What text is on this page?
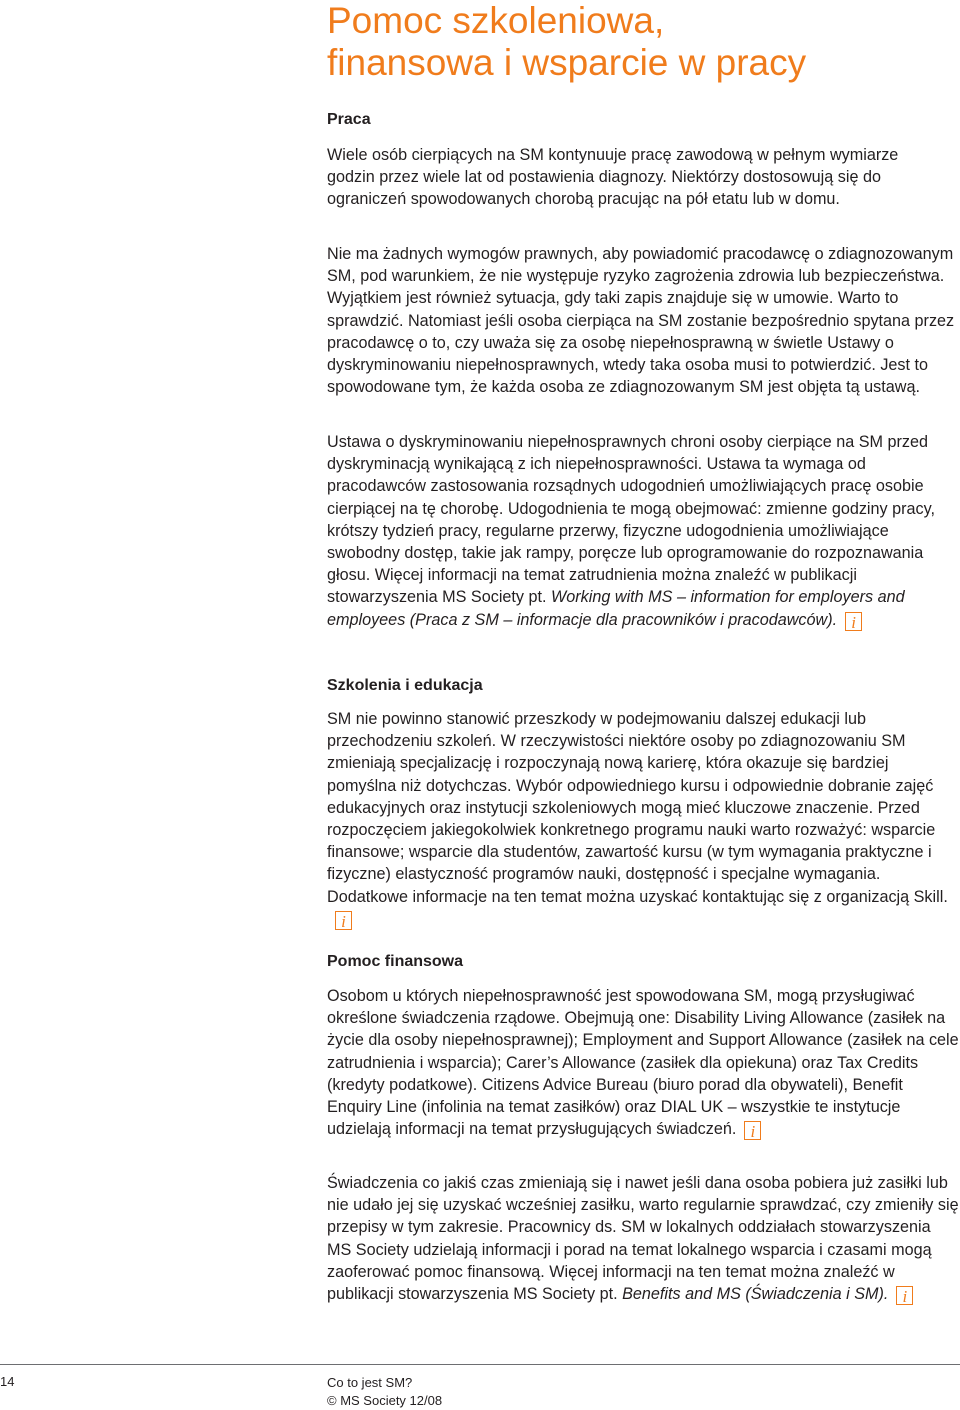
Pomoc szkoleniowa,
finansowa i wsparcie w pracy
Praca

Wiele osób cierpiących na SM kontynuuje pracę zawodową w pełnym wymiarze godzin przez wiele lat od postawienia diagnozy. Niektórzy dostosowują się do ograniczeń spowodowanych chorobą pracując na pół etatu lub w domu.

Nie ma żadnych wymogów prawnych, aby powiadomić pracodawcę o zdiagnozowanym SM, pod warunkiem, że nie występuje ryzyko zagrożenia zdrowia lub bezpieczeństwa. Wyjątkiem jest również sytuacja, gdy taki zapis znajduje się w umowie. Warto to sprawdzić. Natomiast jeśli osoba cierpiąca na SM zostanie bezpośrednio spytana przez pracodawcę o to, czy uważa się za osobę niepełnosprawną w świetle Ustawy o dyskryminowaniu niepełnosprawnych, wtedy taka osoba musi to potwierdzić. Jest to spowodowane tym, że każda osoba ze zdiagnozowanym SM jest objęta tą ustawą.

Ustawa o dyskryminowaniu niepełnosprawnych chroni osoby cierpiące na SM przed dyskryminacją wynikającą z ich niepełnosprawności. Ustawa ta wymaga od pracodawców zastosowania rozsądnych udogodnień umożliwiających pracę osobie cierpiącej na tę chorobę. Udogodnienia te mogą obejmować: zmienne godziny pracy, krótszy tydzień pracy, regularne przerwy, fizyczne udogodnienia umożliwiające swobodny dostęp, takie jak rampy, poręcze lub oprogramowanie do rozpoznawania głosu. Więcej informacji na temat zatrudnienia można znaleźć w publikacji stowarzyszenia MS Society pt. Working with MS – information for employers and employees (Praca z SM – informacje dla pracowników i pracodawców). i

Szkolenia i edukacja

SM nie powinno stanowić przeszkody w podejmowaniu dalszej edukacji lub przechodzeniu szkoleń. W rzeczywistości niektóre osoby po zdiagnozowaniu SM zmieniają specjalizację i rozpoczynają nową karierę, która okazuje się bardziej pomyślna niż dotychczas. Wybór odpowiedniego kursu i odpowiednie dobranie zajęć edukacyjnych oraz instytucji szkoleniowych mogą mieć kluczowe znaczenie. Przed rozpoczęciem jakiegokolwiek konkretnego programu nauki warto rozważyć: wsparcie finansowe; wsparcie dla studentów, zawartość kursu (w tym wymagania praktyczne i fizyczne) elastyczność programów nauki, dostępność i specjalne wymagania. Dodatkowe informacje na ten temat można uzyskać kontaktując się z organizacją Skill.i

Pomoc finansowa

Osobom u których niepełnosprawność jest spowodowana SM, mogą przysługiwać określone świadczenia rządowe. Obejmują one: Disability Living Allowance (zasiłek na życie dla osoby niepełnosprawnej); Employment and Support Allowance (zasiłek na cele zatrudnienia i wsparcia); Carer’s Allowance (zasiłek dla opiekuna) oraz Tax Credits (kredyty podatkowe). Citizens Advice Bureau (biuro porad dla obywateli), Benefit Enquiry Line (infolinia na temat zasiłków) oraz DIAL UK – wszystkie te instytucje udzielają informacji na temat przysługujących świadczeń. i

Świadczenia co jakiś czas zmieniają się i nawet jeśli dana osoba pobiera już zasiłki lub nie udało jej się uzyskać wcześniej zasiłku, warto regularnie sprawdzać, czy zmieniły się przepisy w tym zakresie. Pracownicy ds. SM w lokalnych oddziałach stowarzyszenia MS Society udzielają informacji i porad na temat lokalnego wsparcia i czasami mogą zaoferować pomoc finansową. Więcej informacji na ten temat można znaleźć w publikacji stowarzyszenia MS Society pt. Benefits and MS (Świadczenia i SM). i

14	Co to jest SM?
© MS Society 12/08
